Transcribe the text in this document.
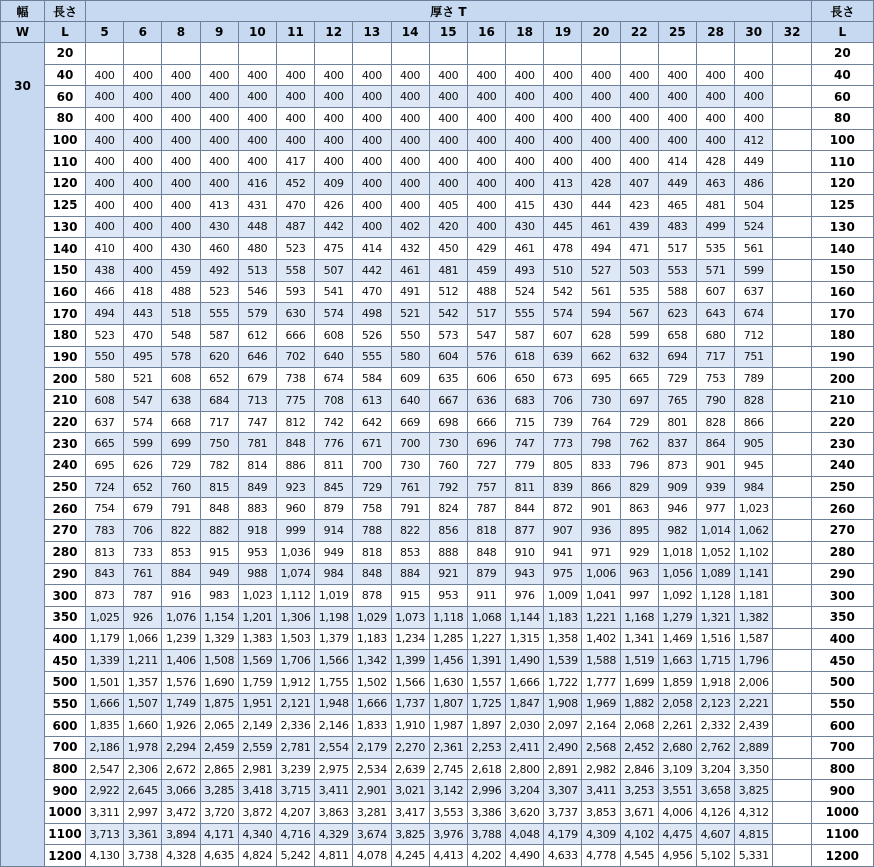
幅	長さ	厚さ T																			長さ
W	L	5	6	8	9	10	11	12	13	14	15	16	18	19	20	22	25	28	30	32	L
30	20																				20
	40	400	400	400	400	400	400	400	400	400	400	400	400	400	400	400	400	400	400		40
	60	400	400	400	400	400	400	400	400	400	400	400	400	400	400	400	400	400	400		60
	80	400	400	400	400	400	400	400	400	400	400	400	400	400	400	400	400	400	400		80
	100	400	400	400	400	400	400	400	400	400	400	400	400	400	400	400	400	400	412		100
	110	400	400	400	400	400	417	400	400	400	400	400	400	400	400	400	414	428	449		110
	120	400	400	400	400	416	452	409	400	400	400	400	400	413	428	407	449	463	486		120
	125	400	400	400	413	431	470	426	400	400	405	400	415	430	444	423	465	481	504		125
	130	400	400	400	430	448	487	442	400	402	420	400	430	445	461	439	483	499	524		130
	140	410	400	430	460	480	523	475	414	432	450	429	461	478	494	471	517	535	561		140
	150	438	400	459	492	513	558	507	442	461	481	459	493	510	527	503	553	571	599		150
	160	466	418	488	523	546	593	541	470	491	512	488	524	542	561	535	588	607	637		160
	170	494	443	518	555	579	630	574	498	521	542	517	555	574	594	567	623	643	674		170
	180	523	470	548	587	612	666	608	526	550	573	547	587	607	628	599	658	680	712		180
	190	550	495	578	620	646	702	640	555	580	604	576	618	639	662	632	694	717	751		190
	200	580	521	608	652	679	738	674	584	609	635	606	650	673	695	665	729	753	789		200
	210	608	547	638	684	713	775	708	613	640	667	636	683	706	730	697	765	790	828		210
	220	637	574	668	717	747	812	742	642	669	698	666	715	739	764	729	801	828	866		220
	230	665	599	699	750	781	848	776	671	700	730	696	747	773	798	762	837	864	905		230
	240	695	626	729	782	814	886	811	700	730	760	727	779	805	833	796	873	901	945		240
	250	724	652	760	815	849	923	845	729	761	792	757	811	839	866	829	909	939	984		250
	260	754	679	791	848	883	960	879	758	791	824	787	844	872	901	863	946	977	1,023		260
	270	783	706	822	882	918	999	914	788	822	856	818	877	907	936	895	982	1,014	1,062		270
	280	813	733	853	915	953	1,036	949	818	853	888	848	910	941	971	929	1,018	1,052	1,102		280
	290	843	761	884	949	988	1,074	984	848	884	921	879	943	975	1,006	963	1,056	1,089	1,141		290
	300	873	787	916	983	1,023	1,112	1,019	878	915	953	911	976	1,009	1,041	997	1,092	1,128	1,181		300
	350	1,025	926	1,076	1,154	1,201	1,306	1,198	1,029	1,073	1,118	1,068	1,144	1,183	1,221	1,168	1,279	1,321	1,382		350
	400	1,179	1,066	1,239	1,329	1,383	1,503	1,379	1,183	1,234	1,285	1,227	1,315	1,358	1,402	1,341	1,469	1,516	1,587		400
	450	1,339	1,211	1,406	1,508	1,569	1,706	1,566	1,342	1,399	1,456	1,391	1,490	1,539	1,588	1,519	1,663	1,715	1,796		450
	500	1,501	1,357	1,576	1,690	1,759	1,912	1,755	1,502	1,566	1,630	1,557	1,666	1,722	1,777	1,699	1,859	1,918	2,006		500
	550	1,666	1,507	1,749	1,875	1,951	2,121	1,948	1,666	1,737	1,807	1,725	1,847	1,908	1,969	1,882	2,058	2,123	2,221		550
	600	1,835	1,660	1,926	2,065	2,149	2,336	2,146	1,833	1,910	1,987	1,897	2,030	2,097	2,164	2,068	2,261	2,332	2,439		600
	700	2,186	1,978	2,294	2,459	2,559	2,781	2,554	2,179	2,270	2,361	2,253	2,411	2,490	2,568	2,452	2,680	2,762	2,889		700
	800	2,547	2,306	2,672	2,865	2,981	3,239	2,975	2,534	2,639	2,745	2,618	2,800	2,891	2,982	2,846	3,109	3,204	3,350		800
	900	2,922	2,645	3,066	3,285	3,418	3,715	3,411	2,901	3,021	3,142	2,996	3,204	3,307	3,411	3,253	3,551	3,658	3,825		900
	1000	3,311	2,997	3,472	3,720	3,872	4,207	3,863	3,281	3,417	3,553	3,386	3,620	3,737	3,853	3,671	4,006	4,126	4,312		1000
	1100	3,713	3,361	3,894	4,171	4,340	4,716	4,329	3,674	3,825	3,976	3,788	4,048	4,179	4,309	4,102	4,475	4,607	4,815		1100
	1200	4,130	3,738	4,328	4,635	4,824	5,242	4,811	4,078	4,245	4,413	4,202	4,490	4,633	4,778	4,545	4,956	5,102	5,331		1200
